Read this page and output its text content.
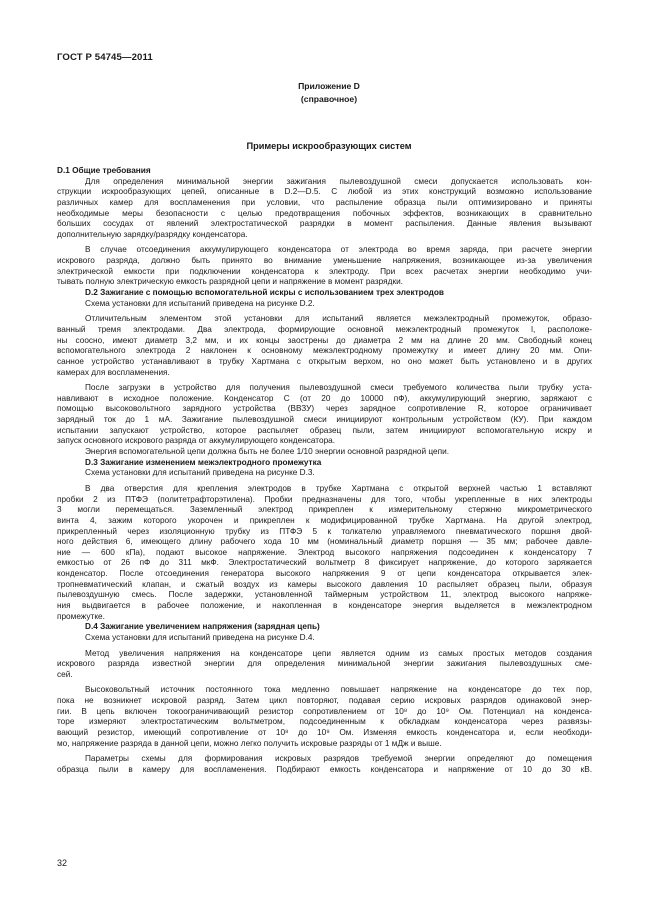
ГОСТ Р 54745—2011
Приложение D
(справочное)
Примеры искрообразующих систем
D.1 Общие требования
Для определения минимальной энергии зажигания пылевоздушной смеси допускается использовать кон-
струкции искрообразующих цепей, описанные в D.2—D.5. С любой из этих конструкций возможно использование
различных камер для воспламенения при условии, что распыление образца пыли оптимизировано и приняты
необходимые меры безопасности с целью предотвращения побочных эффектов, возникающих в сравнительно
больших сосудах от явлений электростатической разрядки в момент распыления. Данные явления вызывают
дополнительную зарядку/разрядку конденсатора.
В случае отсоединения аккумулирующего конденсатора от электрода во время заряда, при расчете энергии
искрового разряда, должно быть принято во внимание уменьшение напряжения, возникающее из-за увеличения
электрической емкости при подключении конденсатора к электроду. При всех расчетах энергии необходимо учи-
тывать полную электрическую емкость разрядной цепи и напряжение в момент разрядки.
D.2 Зажигание с помощью вспомогательной искры с использованием трех электродов
Схема установки для испытаний приведена на рисунке D.2.
Отличительным элементом этой установки для испытаний является межэлектродный промежуток, образо-
ванный тремя электродами. Два электрода, формирующие основной межэлектродный промежуток l, расположе-
ны соосно, имеют диаметр 3,2 мм, и их концы заострены до диаметра 2 мм на длине 20 мм. Свободный конец
вспомогательного электрода 2 наклонен к основному межэлектродному промежутку и имеет длину 20 мм. Опи-
санное устройство устанавливают в трубку Хартмана с открытым верхом, но оно может быть установлено и в других
камерах для воспламенения.
После загрузки в устройство для получения пылевоздушной смеси требуемого количества пыли трубку уста-
навливают в исходное положение. Конденсатор С (от 20 до 10000 пФ), аккумулирующий энергию, заряжают с
помощью высоковольтного зарядного устройства (ВВЗУ) через зарядное сопротивление R, которое ограничивает
зарядный ток до 1 мА. Зажигание пылевоздушной смеси инициируют контрольным устройством (КУ). При каждом
испытании запускают устройство, которое распыляет образец пыли, затем инициируют вспомогательную искру и
запуск основного искрового разряда от аккумулирующего конденсатора.
Энергия вспомогательной цепи должна быть не более 1/10 энергии основной разрядной цепи.
D.3 Зажигание изменением межэлектродного промежутка
Схема установки для испытаний приведена на рисунке D.3.
В два отверстия для крепления электродов в трубке Хартмана с открытой верхней частью 1 вставляют
пробки 2 из ПТФЭ (политетрафторэтилена). Пробки предназначены для того, чтобы укрепленные в них электроды
3 могли перемещаться. Заземленный электрод прикреплен к измерительному стержню микрометрического
винта 4, зажим которого укорочен и прикреплен к модифицированной трубке Хартмана. На другой электрод,
прикрепленный через изоляционную трубку из ПТФЭ 5 к толкателю управляемого пневматического поршня двой-
ного действия 6, имеющего длину рабочего хода 10 мм (номинальный диаметр поршня — 35 мм; рабочее давле-
ние — 600 кПа), подают высокое напряжение. Электрод высокого напряжения подсоединен к конденсатору 7
емкостью от 26 пФ до 311 мкФ. Электростатический вольтметр 8 фиксирует напряжение, до которого заряжается
конденсатор. После отсоединения генератора высокого напряжения 9 от цепи конденсатора открывается элек-
тропневматический клапан, и сжатый воздух из камеры высокого давления 10 распыляет образец пыли, образуя
пылевоздушную смесь. После задержки, установленной таймерным устройством 11, электрод высокого напряже-
ния выдвигается в рабочее положение, и накопленная в конденсаторе энергия выделяется в межэлектродном
промежутке.
D.4 Зажигание увеличением напряжения (зарядная цепь)
Схема установки для испытаний приведена на рисунке D.4.
Метод увеличения напряжения на конденсаторе цепи является одним из самых простых методов создания
искрового разряда известной энергии для определения минимальной энергии зажигания пылевоздушных сме-
сей.
Высоковольтный источник постоянного тока медленно повышает напряжение на конденсаторе до тех пор,
пока не возникнет искровой разряд. Затем цикл повторяют, подавая серию искровых разрядов одинаковой энер-
гии. В цепь включен токоограничивающий резистор сопротивлением от 10⁸ до 10⁹ Ом. Потенциал на конденса-
торе измеряют электростатическим вольтметром, подсоединенным к обкладкам конденсатора через развязы-
вающий резистор, имеющий сопротивление от 10⁸ до 10⁹ Ом. Изменяя емкость конденсатора и, если необходи-
мо, напряжение разряда в данной цепи, можно легко получить искровые разряды от 1 мДж и выше.
Параметры схемы для формирования искровых разрядов требуемой энергии определяют до помещения
образца пыли в камеру для воспламенения. Подбирают емкость конденсатора и напряжение от 10 до 30 кВ.
32
